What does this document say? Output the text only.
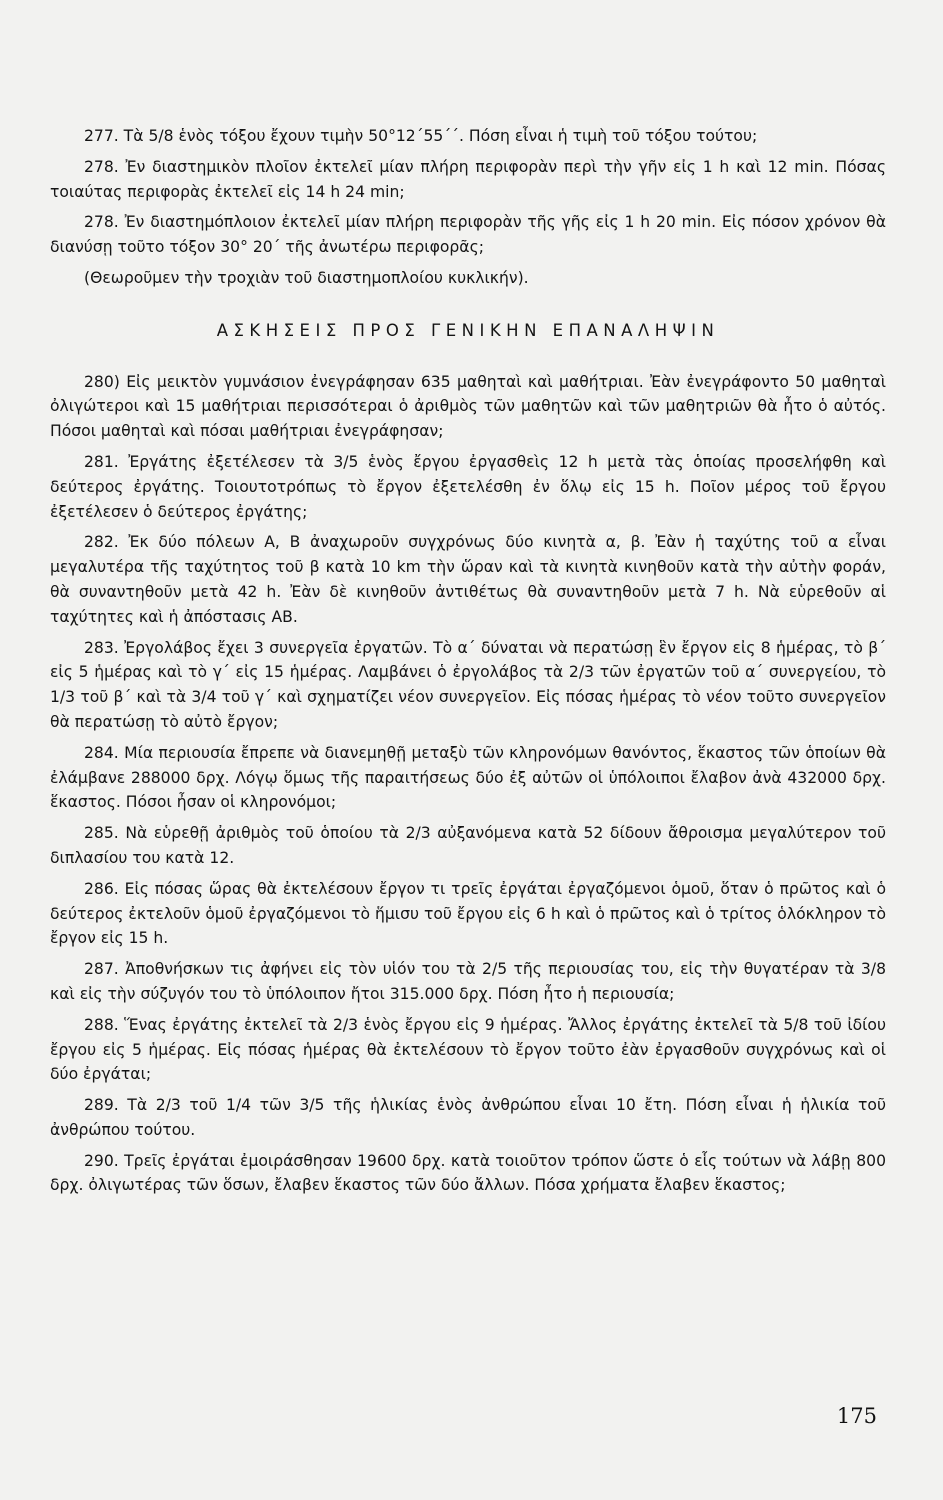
277. Τὰ 5/8 ἑνὸς τόξου ἔχουν τιμὴν 50°12΄55΄΄. Πόση εἶναι ἡ τιμὴ τοῦ τόξου τούτου;

278. Ἐν διαστημικὸν πλοῖον ἐκτελεῖ μίαν πλήρη περιφορὰν περὶ τὴν γῆν εἰς 1 h καὶ 12 min. Πόσας τοιαύτας περιφορὰς ἐκτελεῖ εἰς 14 h 24 min;

278. Ἐν διαστημόπλοιον ἐκτελεῖ μίαν πλήρη περιφορὰν τῆς γῆς εἰς 1 h 20 min. Εἰς πόσον χρόνον θὰ διανύσῃ τοῦτο τόξον 30° 20΄ τῆς ἀνωτέρω περιφορᾶς;

(Θεωροῦμεν τὴν τροχιὰν τοῦ διαστημοπλοίου κυκλικήν).

ΑΣΚΗΣΕΙΣ ΠΡΟΣ ΓΕΝΙΚΗΝ ΕΠΑΝΑΛΗΨΙΝ

280) Εἰς μεικτὸν γυμνάσιον ἐνεγράφησαν 635 μαθηταὶ καὶ μαθήτριαι. Ἐὰν ἐνεγράφοντο 50 μαθηταὶ ὀλιγώτεροι καὶ 15 μαθήτριαι περισσότεραι ὁ ἀριθμὸς τῶν μαθητῶν καὶ τῶν μαθητριῶν θὰ ἦτο ὁ αὐτός. Πόσοι μαθηταὶ καὶ πόσαι μαθήτριαι ἐνεγράφησαν;

281. Ἐργάτης ἐξετέλεσεν τὰ 3/5 ἑνὸς ἔργου ἐργασθεὶς 12 h μετὰ τὰς ὁποίας προσελήφθη καὶ δεύτερος ἐργάτης. Τοιουτοτρόπως τὸ ἔργον ἐξετελέσθη ἐν ὅλῳ εἰς 15 h. Ποῖον μέρος τοῦ ἔργου ἐξετέλεσεν ὁ δεύτερος ἐργάτης;

282. Ἐκ δύο πόλεων Α, Β ἀναχωροῦν συγχρόνως δύο κινητὰ α, β. Ἐὰν ἡ ταχύτης τοῦ α εἶναι μεγαλυτέρα τῆς ταχύτητος τοῦ β κατὰ 10 km τὴν ὥραν καὶ τὰ κινητὰ κινηθοῦν κατὰ τὴν αὐτὴν φοράν, θὰ συναντηθοῦν μετὰ 42 h. Ἐὰν δὲ κινηθοῦν ἀντιθέτως θὰ συναντηθοῦν μετὰ 7 h. Νὰ εὑρεθοῦν αἱ ταχύτητες καὶ ἡ ἀπόστασις ΑΒ.

283. Ἐργολάβος ἔχει 3 συνεργεῖα ἐργατῶν. Τὸ α΄ δύναται νὰ περατώσῃ ἓν ἔργον εἰς 8 ἡμέρας, τὸ β΄ εἰς 5 ἡμέρας καὶ τὸ γ΄ εἰς 15 ἡμέρας. Λαμβάνει ὁ ἐργολάβος τὰ 2/3 τῶν ἐργατῶν τοῦ α΄ συνεργείου, τὸ 1/3 τοῦ β΄ καὶ τὰ 3/4 τοῦ γ΄ καὶ σχηματίζει νέον συνεργεῖον. Εἰς πόσας ἡμέρας τὸ νέον τοῦτο συνεργεῖον θὰ περατώσῃ τὸ αὐτὸ ἔργον;

284. Μία περιουσία ἔπρεπε νὰ διανεμηθῇ μεταξὺ τῶν κληρονόμων θανόντος, ἕκαστος τῶν ὁποίων θὰ ἐλάμβανε 288000 δρχ. Λόγῳ ὅμως τῆς παραιτήσεως δύο ἐξ αὐτῶν οἱ ὑπόλοιποι ἔλαβον ἀνὰ 432000 δρχ. ἕκαστος. Πόσοι ἦσαν οἱ κληρονόμοι;

285. Νὰ εὑρεθῇ ἀριθμὸς τοῦ ὁποίου τὰ 2/3 αὐξανόμενα κατὰ 52 δίδουν ἄθροισμα μεγαλύτερον τοῦ διπλασίου του κατὰ 12.

286. Εἰς πόσας ὥρας θὰ ἐκτελέσουν ἔργον τι τρεῖς ἐργάται ἐργαζόμενοι ὁμοῦ, ὅταν ὁ πρῶτος καὶ ὁ δεύτερος ἐκτελοῦν ὁμοῦ ἐργαζόμενοι τὸ ἥμισυ τοῦ ἔργου εἰς 6 h καὶ ὁ πρῶτος καὶ ὁ τρίτος ὁλόκληρον τὸ ἔργον εἰς 15 h.

287. Ἀποθνήσκων τις ἀφήνει εἰς τὸν υἱόν του τὰ 2/5 τῆς περιουσίας του, εἰς τὴν θυγατέραν τὰ 3/8 καὶ εἰς τὴν σύζυγόν του τὸ ὑπόλοιπον ἤτοι 315.000 δρχ. Πόση ἦτο ἡ περιουσία;

288. Ἕνας ἐργάτης ἐκτελεῖ τὰ 2/3 ἑνὸς ἔργου εἰς 9 ἡμέρας. Ἄλλος ἐργάτης ἐκτελεῖ τὰ 5/8 τοῦ ἰδίου ἔργου εἰς 5 ἡμέρας. Εἰς πόσας ἡμέρας θὰ ἐκτελέσουν τὸ ἔργον τοῦτο ἐὰν ἐργασθοῦν συγχρόνως καὶ οἱ δύο ἐργάται;

289. Τὰ 2/3 τοῦ 1/4 τῶν 3/5 τῆς ἡλικίας ἑνὸς ἀνθρώπου εἶναι 10 ἔτη. Πόση εἶναι ἡ ἡλικία τοῦ ἀνθρώπου τούτου.

290. Τρεῖς ἐργάται ἐμοιράσθησαν 19600 δρχ. κατὰ τοιοῦτον τρόπον ὥστε ὁ εἷς τούτων νὰ λάβῃ 800 δρχ. ὀλιγωτέρας τῶν ὅσων, ἔλαβεν ἕκαστος τῶν δύο ἄλλων. Πόσα χρήματα ἔλαβεν ἕκαστος;

175
